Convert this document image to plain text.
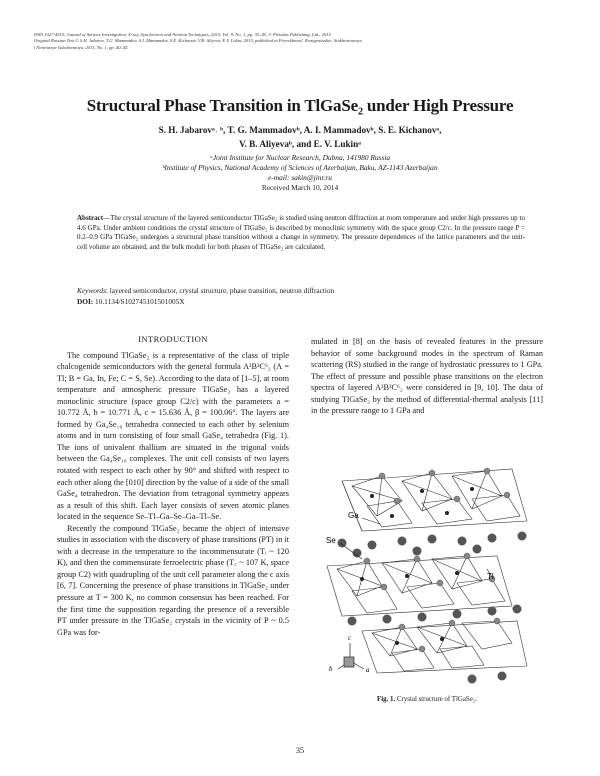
ISSN 1027-4510, Journal of Surface Investigation. X-ray, Synchrotron and Neutron Techniques, 2015, Vol. 9, No. 1, pp. 35–40. © Pleiades Publishing, Ltd., 2015.
Original Russian Text © S.H. Jabarov, T.G. Mammadov, A.I. Mammadov, S.E. Kichanov, V.B. Aliyeva, E.V. Lukin, 2015, published in Poverkhnost'. Rentgenovskie, Sinkhrotronnye
i Neitronnye Issledovaniya, 2015, No. 1, pp. 40–45.
Structural Phase Transition in TlGaSe₂ under High Pressure
S. H. Jabarovᵃ˒ ᵇ, T. G. Mammadovᵇ, A. I. Mammadovᵇ, S. E. Kichanovᵃ,
V. B. Aliyevaᵇ, and E. V. Lukinᵃ
ᵃJoint Institute for Nuclear Research, Dubna, 141980 Russia
ᵇInstitute of Physics, National Academy of Sciences of Azerbaijan, Baku, AZ-1143 Azerbaijan
e-mail: sakin@jinr.ru
Received March 10, 2014
Abstract—The crystal structure of the layered semiconductor TlGaSe₂ is studied using neutron diffraction at room temperature and under high pressures up to 4.6 GPa. Under ambient conditions the crystal structure of TlGaSe₂ is described by monoclinic symmetry with the space group C2/c. In the pressure range P = 0.2–0.9 GPa TlGaSe₂ undergoes a structural phase transition without a change in symmetry. The pressure dependences of the lattice parameters and the unit-cell volume are obtained, and the bulk moduli for both phases of TlGaSe₂ are calculated.
Keywords: layered semiconductor, crystal structure, phase transition, neutron diffraction
DOI: 10.1134/S102745101501005X

INTRODUCTION

The compound TlGaSe₂ is a representative of the class of triple chalcogenide semiconductors with the general formula A³B³C⁶₂ (A = Tl; B = Ga, In, Fe; C = S, Se). According to the data of [1–5], at room temperature and atmospheric pressure TlGaSe₂ has a layered monoclinic structure (space group C2/c) with the parameters a = 10.772 Å, b = 10.771 Å, c = 15.636 Å, β = 100.06°. The layers are formed by Ga₄Se₁₀ tetrahedra connected to each other by selenium atoms and in turn consisting of four small GaSe₄ tetrahedra (Fig. 1). The ions of univalent thallium are situated in the trigonal voids between the Ga₄Se₁₀ complexes. The unit cell consists of two layers rotated with respect to each other by 90° and shifted with respect to each other along the [010] direction by the value of a side of the small GaSe₄ tetrahedron. The deviation from tetragonal symmetry appears as a result of this shift. Each layer consists of seven atomic planes located in the sequence Se–Tl–Ga–Se–Ga–Tl–Se.

Recently the compound TlGaSe₂ became the object of intensive studies in association with the discovery of phase transitions (PT) in it with a decrease in the temperature to the incommensurate (Tᵢ ~ 120 K), and then the commensurate ferroelectric phase (T꜀ ~ 107 K, space group C2) with quadrupling of the unit cell parameter along the c axis [6, 7]. Concerning the presence of phase transitions in TlGaSe₂ under pressure at T = 300 K, no common consensus has been reached. For the first time the supposition regarding the presence of a reversible PT under pressure in the TlGaSe₂ crystals in the vicinity of P ~ 0.5 GPa was for-

mulated in [8] on the basis of revealed features in the pressure behavior of some background modes in the spectrum of Raman scattering (RS) studied in the range of hydrostatic pressures to 1 GPa. The effect of pressure and possible phase transitions on the electron spectra of layered A³B³C⁶₂ were considered in [9, 10]. The data of studying TlGaSe₂ by the method of differential-thermal analysis [11] in the pressure range to 1 GPa and

Ga
Se
Tl
c
b	a
Fig. 1. Crystal structure of TlGaSe₂.
35
